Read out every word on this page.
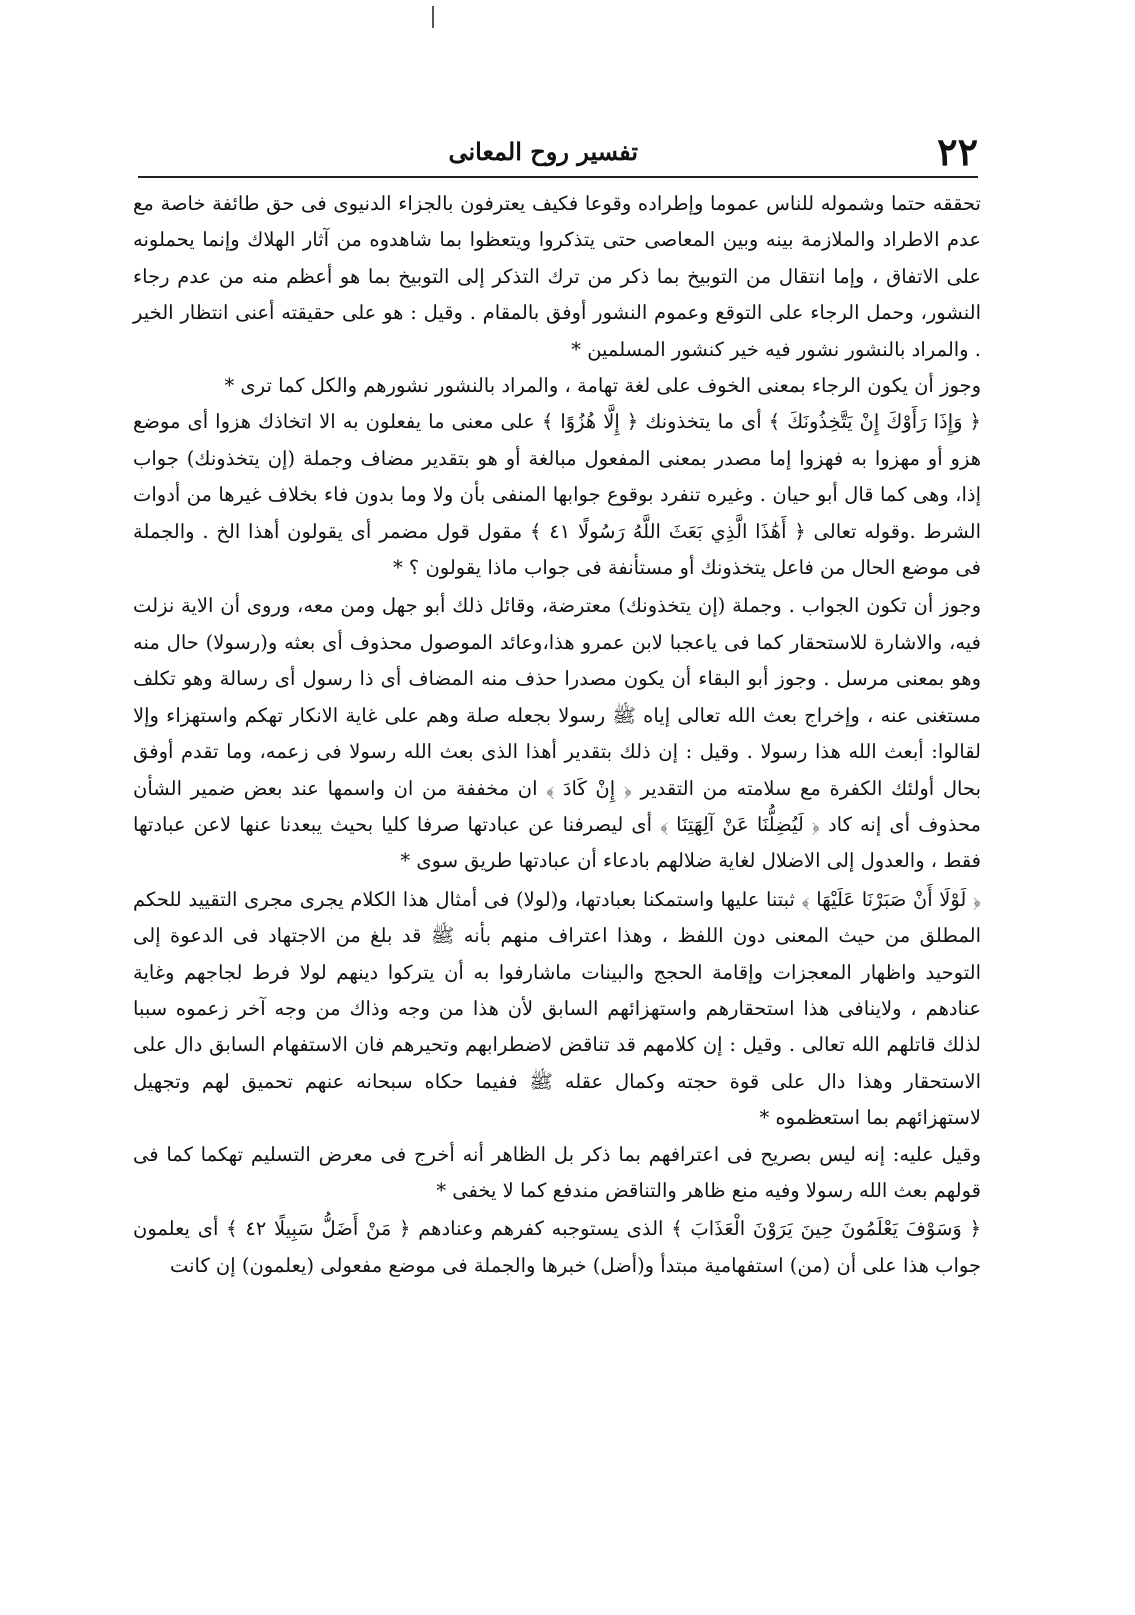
٢٢
تفسير روح المعانى

تحققه حتما وشموله للناس عموما وإطراده وقوعا فكيف يعترفون بالجزاء الدنيوى فى حق طائفة خاصة مع عدم الاطراد والملازمة بينه وبين المعاصى حتى يتذكروا ويتعظوا بما شاهدوه من آثار الهلاك وإنما يحملونه على الاتفاق ، وإما انتقال من التوبيخ بما ذكر من ترك التذكر إلى التوبيخ بما هو أعظم منه من عدم رجاء النشور، وحمل الرجاء على التوقع وعموم النشور أوفق بالمقام . وقيل : هو على حقيقته أعنى انتظار الخير . والمراد بالنشور نشور فيه خير كنشور المسلمين *

وجوز أن يكون الرجاء بمعنى الخوف على لغة تهامة ، والمراد بالنشور نشورهم والكل كما ترى *

﴿ وَإِذَا رَأَوْكَ إِنْ يَتَّخِذُونَكَ ﴾ أى ما يتخذونك ﴿ إِلَّا هُزُوًا ﴾ على معنى ما يفعلون به الا اتخاذك هزوا أى موضع هزو أو مهزوا به فهزوا إما مصدر بمعنى المفعول مبالغة أو هو بتقدير مضاف وجملة (إن يتخذونك) جواب إذا، وهى كما قال أبو حيان . وغيره تنفرد بوقوع جوابها المنفى بأن ولا وما بدون فاء بخلاف غيرها من أدوات الشرط .وقوله تعالى ﴿ أَهَٰذَا الَّذِي بَعَثَ اللَّهُ رَسُولًا ٤١ ﴾ مقول قول مضمر أى يقولون أهذا الخ . والجملة فى موضع الحال من فاعل يتخذونك أو مستأنفة فى جواب ماذا يقولون ؟ *

وجوز أن تكون الجواب . وجملة (إن يتخذونك) معترضة، وقائل ذلك أبو جهل ومن معه، وروى أن الاية نزلت فيه، والاشارة للاستحقار كما فى ياعجبا لابن عمرو هذا،وعائد الموصول محذوف أى بعثه و(رسولا) حال منه وهو بمعنى مرسل . وجوز أبو البقاء أن يكون مصدرا حذف منه المضاف أى ذا رسول أى رسالة وهو تكلف مستغنى عنه ، وإخراج بعث الله تعالى إياه ﷺ رسولا بجعله صلة وهم على غاية الانكار تهكم واستهزاء وإلا لقالوا: أبعث الله هذا رسولا . وقيل : إن ذلك بتقدير أهذا الذى بعث الله رسولا فى زعمه، وما تقدم أوفق بحال أولئك الكفرة مع سلامته من التقدير ﴿ إِنْ كَادَ ﴾ ان مخففة من ان واسمها عند بعض ضمير الشأن محذوف أى إنه كاد ﴿ لَيُضِلُّنَا عَنْ آلِهَتِنَا ﴾ أى ليصرفنا عن عبادتها صرفا كليا بحيث يبعدنا عنها لاعن عبادتها فقط ، والعدول إلى الاضلال لغاية ضلالهم بادعاء أن عبادتها طريق سوى *

﴿ لَوْلَا أَنْ صَبَرْنَا عَلَيْهَا ﴾ ثبتنا عليها واستمكنا بعبادتها، و(لولا) فى أمثال هذا الكلام يجرى مجرى التقييد للحكم المطلق من حيث المعنى دون اللفظ ، وهذا اعتراف منهم بأنه ﷺ قد بلغ من الاجتهاد فى الدعوة إلى التوحيد واظهار المعجزات وإقامة الحجج والبينات ماشارفوا به أن يتركوا دينهم لولا فرط لجاجهم وغاية عنادهم ، ولاينافى هذا استحقارهم واستهزائهم السابق لأن هذا من وجه وذاك من وجه آخر زعموه سببا لذلك قاتلهم الله تعالى . وقيل : إن كلامهم قد تناقض لاضطرابهم وتحيرهم فان الاستفهام السابق دال على الاستحقار وهذا دال على قوة حجته وكمال عقله ﷺ ففيما حكاه سبحانه عنهم تحميق لهم وتجهيل لاستهزائهم بما استعظموه *

وقيل عليه: إنه ليس بصريح فى اعترافهم بما ذكر بل الظاهر أنه أخرج فى معرض التسليم تهكما كما فى قولهم بعث الله رسولا وفيه منع ظاهر والتناقض مندفع كما لا يخفى *

﴿ وَسَوْفَ يَعْلَمُونَ حِينَ يَرَوْنَ الْعَذَابَ ﴾ الذى يستوجبه كفرهم وعنادهم ﴿ مَنْ أَضَلُّ سَبِيلًا ٤٢ ﴾ أى يعلمون جواب هذا على أن (من) استفهامية مبتدأ و(أضل) خبرها والجملة فى موضع مفعولى (يعلمون) إن كانت
